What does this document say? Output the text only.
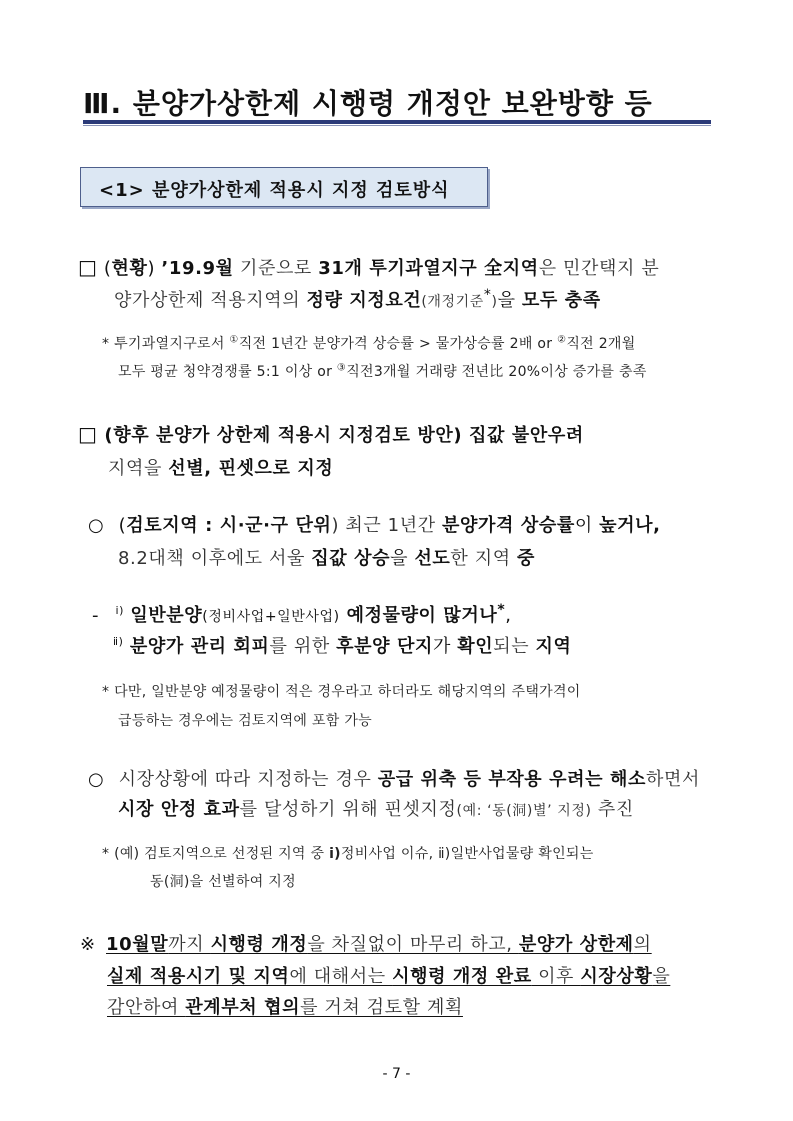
Ⅲ. 분양가상한제 시행령 개정안 보완방향 등
<1> 분양가상한제 적용시 지정 검토방식
□ (현황) ’19.9월 기준으로 31개 투기과열지구 全지역은 민간택지 분
양가상한제 적용지역의 정량 지정요건(개정기준*)을 모두 충족
* 투기과열지구로서 ①직전 1년간 분양가격 상승률 > 물가상승률 2배 or ②직전 2개월
모두 평균 청약경쟁률 5:1 이상 or ③직전3개월 거래량 전년比 20%이상 증가를 충족
□ (향후 분양가 상한제 적용시 지정검토 방안) 집값 불안우려
지역을 선별, 핀셋으로 지정
○ (검토지역 : 시·군·구 단위) 최근 1년간 분양가격 상승률이 높거나,
8.2대책 이후에도 서울 집값 상승을 선도한 지역 중
- $^{ⅰ)}$ 일반분양(정비사업+일반사업) 예정물량이 많거나*,
$^{ⅱ)}$ 분양가 관리 회피를 위한 후분양 단지가 확인되는 지역
* 다만, 일반분양 예정물량이 적은 경우라고 하더라도 해당지역의 주택가격이
급등하는 경우에는 검토지역에 포함 가능
○ 시장상황에 따라 지정하는 경우 공급 위축 등 부작용 우려는 해소하면서
시장 안정 효과를 달성하기 위해 핀셋지정(예: ‘동(洞)별’ 지정) 추진
* (예) 검토지역으로 선정된 지역 중 ⅰ)정비사업 이슈, ⅱ)일반사업물량 확인되는
동(洞)을 선별하여 지정
※ 10월말까지 시행령 개정을 차질없이 마무리 하고, 분양가 상한제의
실제 적용시기 및 지역에 대해서는 시행령 개정 완료 이후 시장상황을
감안하여 관계부처 협의를 거쳐 검토할 계획
- 7 -
